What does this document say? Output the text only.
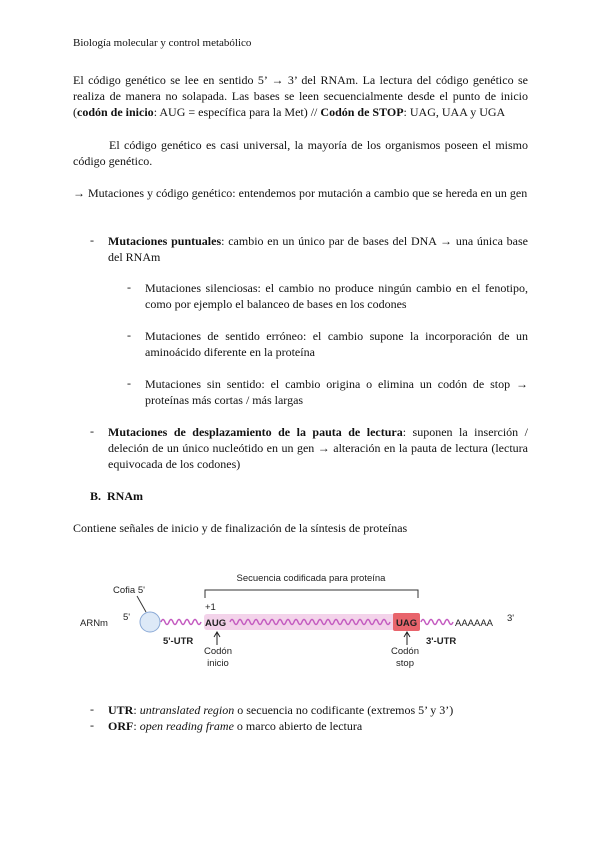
Biología molecular y control metabólico
El código genético se lee en sentido 5’ → 3’ del RNAm. La lectura del código genético se realiza de manera no solapada. Las bases se leen secuencialmente desde el punto de inicio (codón de inicio: AUG = específica para la Met) // Codón de STOP: UAG, UAA y UGA
El código genético es casi universal, la mayoría de los organismos poseen el mismo código genético.
→ Mutaciones y código genético: entendemos por mutación a cambio que se hereda en un gen
- Mutaciones puntuales: cambio en un único par de bases del DNA → una única base del RNAm
- Mutaciones silenciosas: el cambio no produce ningún cambio en el fenotipo, como por ejemplo el balanceo de bases en los codones
- Mutaciones de sentido erróneo: el cambio supone la incorporación de un aminoácido diferente en la proteína
- Mutaciones sin sentido: el cambio origina o elimina un codón de stop → proteínas más cortas / más largas
- Mutaciones de desplazamiento de la pauta de lectura: suponen la inserción / deleción de un único nucleótido en un gen → alteración en la pauta de lectura (lectura equivocada de los codones)
B.  RNAm
Contiene señales de inicio y de finalización de la síntesis de proteínas
Secuencia codificada para proteína
Cofia 5'
ARNm
5'	3'
+1
AUG	UAG	AAAAAA
5'-UTR	3'-UTR
Codón
inicio
Codón
stop
- UTR: untranslated region o secuencia no codificante (extremos 5’ y 3’)
- ORF: open reading frame o marco abierto de lectura
